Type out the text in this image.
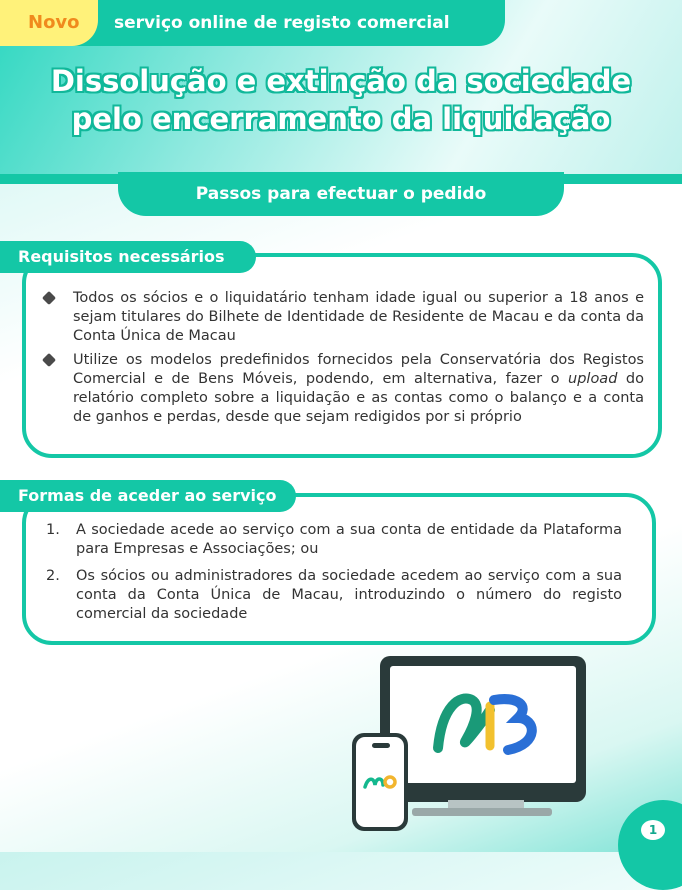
Novo serviço online de registo comercial
Dissolução e extinção da sociedade
pelo encerramento da liquidação
Passos para efectuar o pedido
Requisitos necessários
Todos os sócios e o liquidatário tenham idade igual ou superior a 18 anos e sejam titulares do Bilhete de Identidade de Residente de Macau e da conta da Conta Única de Macau
Utilize os modelos predefinidos fornecidos pela Conservatória dos Registos Comercial e de Bens Móveis, podendo, em alternativa, fazer o upload do relatório completo sobre a liquidação e as contas como o balanço e a conta de ganhos e perdas, desde que sejam redigidos por si próprio
Formas de aceder ao serviço
1. A sociedade acede ao serviço com a sua conta de entidade da Plataforma para Empresas e Associações; ou
2. Os sócios ou administradores da sociedade acedem ao serviço com a sua conta da Conta Única de Macau, introduzindo o número do registo comercial da sociedade
1
